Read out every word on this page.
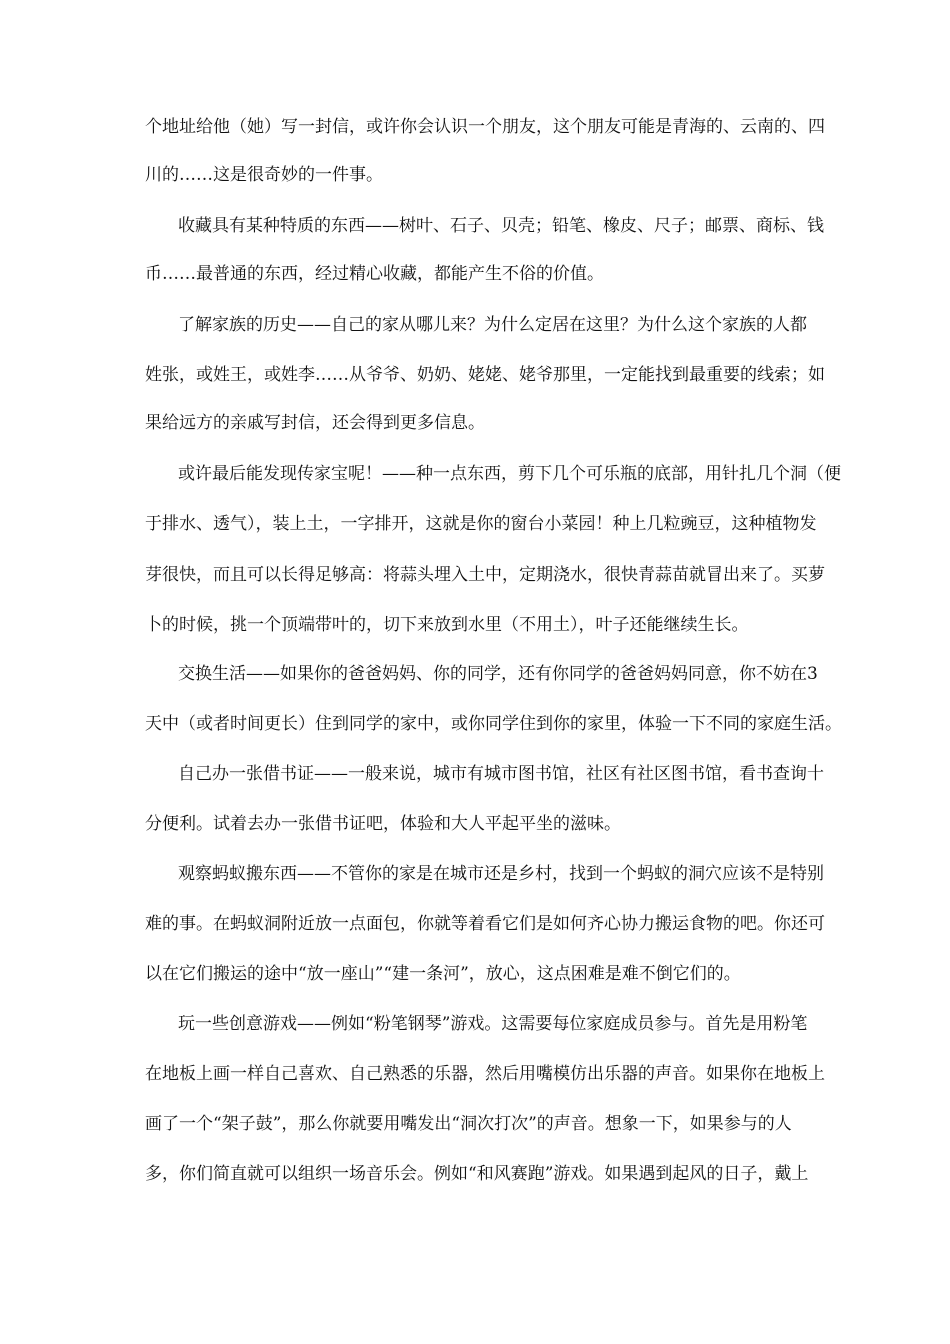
个地址给他（她）写一封信，或许你会认识一个朋友，这个朋友可能是青海的、云南的、四

川的……这是很奇妙的一件事。

收藏具有某种特质的东西——树叶、石子、贝壳；铅笔、橡皮、尺子；邮票、商标、钱

币……最普通的东西，经过精心收藏，都能产生不俗的价值。

了解家族的历史——自己的家从哪儿来？为什么定居在这里？为什么这个家族的人都

姓张，或姓王，或姓李……从爷爷、奶奶、姥姥、姥爷那里，一定能找到最重要的线索；如

果给远方的亲戚写封信，还会得到更多信息。

或许最后能发现传家宝呢！——种一点东西，剪下几个可乐瓶的底部，用针扎几个洞（便

于排水、透气），装上土，一字排开，这就是你的窗台小菜园！种上几粒豌豆，这种植物发

芽很快，而且可以长得足够高：将蒜头埋入土中，定期浇水，很快青蒜苗就冒出来了。买萝

卜的时候，挑一个顶端带叶的，切下来放到水里（不用土），叶子还能继续生长。

交换生活——如果你的爸爸妈妈、你的同学，还有你同学的爸爸妈妈同意，你不妨在3

天中（或者时间更长）住到同学的家中，或你同学住到你的家里，体验一下不同的家庭生活。

自己办一张借书证——一般来说，城市有城市图书馆，社区有社区图书馆，看书查询十

分便利。试着去办一张借书证吧，体验和大人平起平坐的滋味。

观察蚂蚁搬东西——不管你的家是在城市还是乡村，找到一个蚂蚁的洞穴应该不是特别

难的事。在蚂蚁洞附近放一点面包，你就等着看它们是如何齐心协力搬运食物的吧。你还可

以在它们搬运的途中“放一座山”“建一条河”，放心，这点困难是难不倒它们的。

玩一些创意游戏——例如“粉笔钢琴”游戏。这需要每位家庭成员参与。首先是用粉笔

在地板上画一样自己喜欢、自己熟悉的乐器，然后用嘴模仿出乐器的声音。如果你在地板上

画了一个“架子鼓”，那么你就要用嘴发出“洞次打次”的声音。想象一下，如果参与的人

多，你们简直就可以组织一场音乐会。例如“和风赛跑”游戏。如果遇到起风的日子，戴上
